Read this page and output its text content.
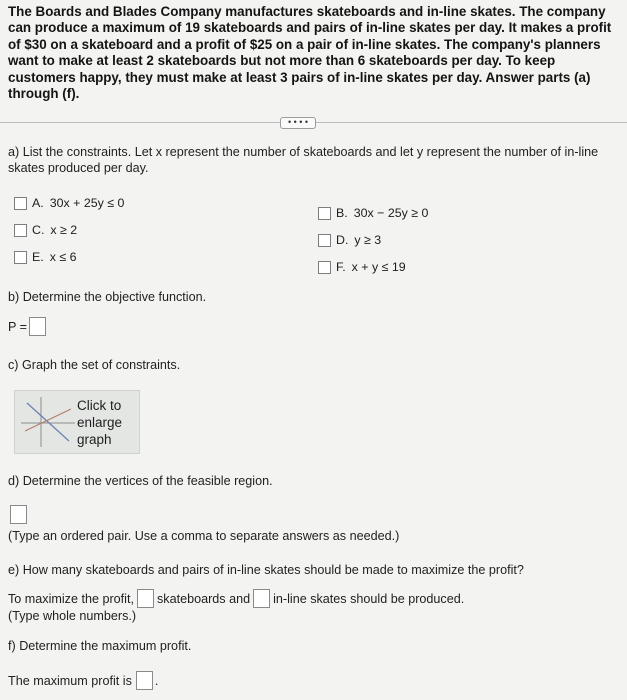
The Boards and Blades Company manufactures skateboards and in-line skates. The company can produce a maximum of 19 skateboards and pairs of in-line skates per day. It makes a profit of $30 on a skateboard and a profit of $25 on a pair of in-line skates. The company's planners want to make at least 2 skateboards but not more than 6 skateboards per day. To keep customers happy, they must make at least 3 pairs of in-line skates per day. Answer parts (a) through (f).
• • • •
a) List the constraints. Let x represent the number of skateboards and let y represent the number of in-line skates produced per day.
A. 30x + 25y ≤ 0
B. 30x − 25y ≥ 0
C. x ≥ 2
D. y ≥ 3
E. x ≤ 6
F. x + y ≤ 19
b) Determine the objective function.
P =
c) Graph the set of constraints.
Click to
enlarge
graph
d) Determine the vertices of the feasible region.
(Type an ordered pair. Use a comma to separate answers as needed.)
e) How many skateboards and pairs of in-line skates should be made to maximize the profit?
To maximize the profit, skateboards and in-line skates should be produced.
(Type whole numbers.)
f) Determine the maximum profit.
The maximum profit is .
